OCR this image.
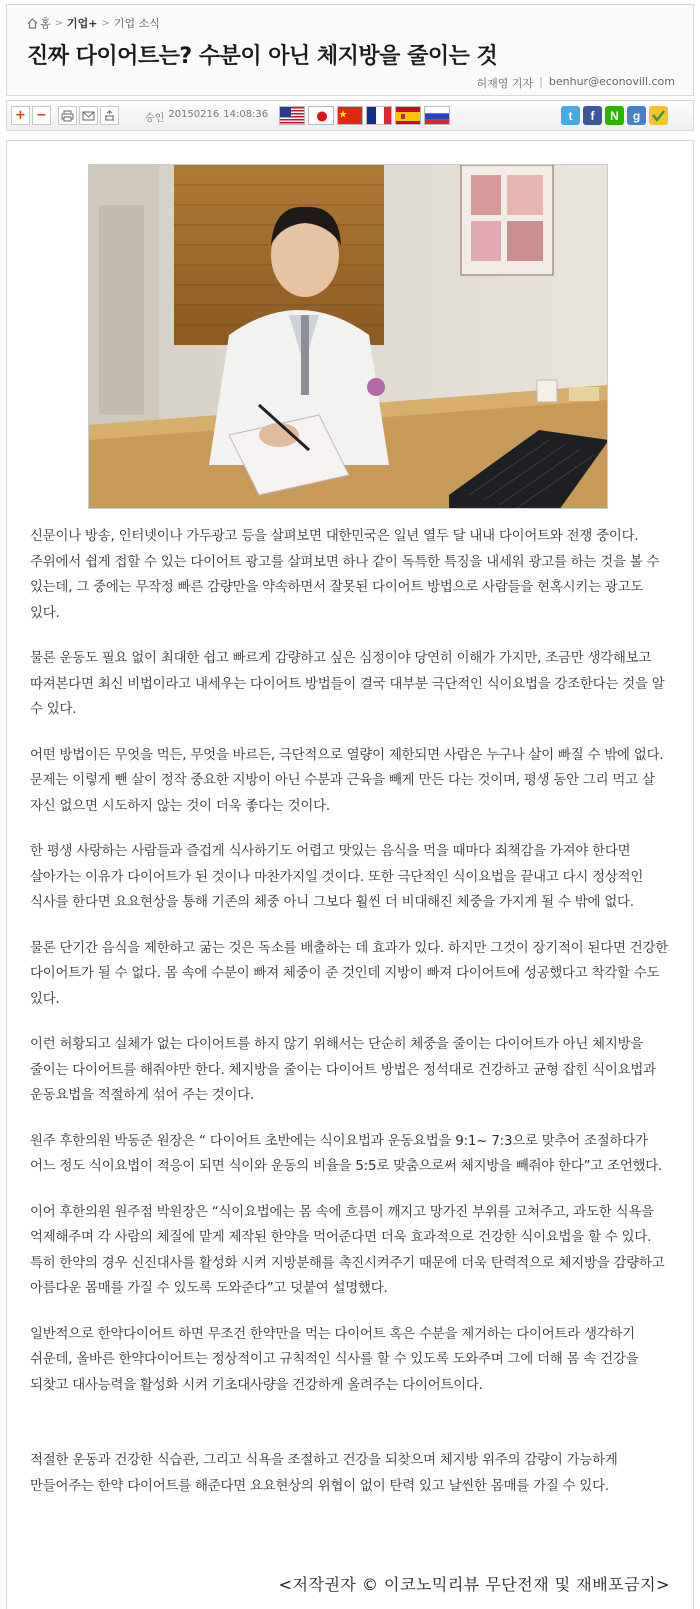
홈 > 기업+ > 기업 소식
진짜 다이어트는? 수분이 아닌 체지방을 줄이는 것
허재영 기자 | benhur@econovill.com
+ −	승인 20150216 14:08:36	t	f	N	g

신문이나 방송, 인터넷이나 가두광고 등을 살펴보면 대한민국은 일년 열두 달 내내 다이어트와 전쟁 중이다. 주위에서 쉽게 접할 수 있는 다이어트 광고를 살펴보면 하나 같이 독특한 특징을 내세워 광고를 하는 것을 볼 수 있는데, 그 중에는 무작정 빠른 감량만을 약속하면서 잘못된 다이어트 방법으로 사람들을 현혹시키는 광고도 있다.

물론 운동도 필요 없이 최대한 쉽고 빠르게 감량하고 싶은 심정이야 당연히 이해가 가지만, 조금만 생각해보고 따져본다면 최신 비법이라고 내세우는 다이어트 방법들이 결국 대부분 극단적인 식이요법을 강조한다는 것을 알 수 있다.

어떤 방법이든 무엇을 먹든, 무엇을 바르든, 극단적으로 열량이 제한되면 사람은 누구나 살이 빠질 수 밖에 없다. 문제는 이렇게 뺀 살이 정작 중요한 지방이 아닌 수분과 근육을 빼게 만든 다는 것이며, 평생 동안 그리 먹고 살 자신 없으면 시도하지 않는 것이 더욱 좋다는 것이다.

한 평생 사랑하는 사람들과 즐겁게 식사하기도 어렵고 맛있는 음식을 먹을 때마다 죄책감을 가져야 한다면 살아가는 이유가 다이어트가 된 것이나 마찬가지일 것이다. 또한 극단적인 식이요법을 끝내고 다시 정상적인 식사를 한다면 요요현상을 통해 기존의 체중 아니 그보다 훨씬 더 비대해진 체중을 가지게 될 수 밖에 없다.

물론 단기간 음식을 제한하고 굶는 것은 독소를 배출하는 데 효과가 있다. 하지만 그것이 장기적이 된다면 건강한 다이어트가 될 수 없다. 몸 속에 수분이 빠져 체중이 준 것인데 지방이 빠져 다이어트에 성공했다고 착각할 수도 있다.

이런 허황되고 실체가 없는 다이어트를 하지 않기 위해서는 단순히 체중을 줄이는 다이어트가 아닌 체지방을 줄이는 다이어트를 해줘야만 한다. 체지방을 줄이는 다이어트 방법은 정석대로 건강하고 균형 잡힌 식이요법과 운동요법을 적절하게 섞어 주는 것이다.

원주 후한의원 박동준 원장은 “ 다이어트 초반에는 식이요법과 운동요법을 9:1~ 7:3으로 맞추어 조절하다가 어느 정도 식이요법이 적응이 되면 식이와 운동의 비율을 5:5로 맞춤으로써 체지방을 빼줘야 한다”고 조언했다.

이어 후한의원 원주점 박원장은 “식이요법에는 몸 속에 흐름이 깨지고 망가진 부위를 고쳐주고, 과도한 식욕을 억제해주며 각 사람의 체질에 맡게 제작된 한약을 먹어준다면 더욱 효과적으로 건강한 식이요법을 할 수 있다. 특히 한약의 경우 신진대사를 활성화 시켜 지방분해를 촉진시켜주기 때문에 더욱 탄력적으로 체지방을 감량하고 아름다운 몸매를 가질 수 있도록 도와준다”고 덧붙여 설명했다.

일반적으로 한약다이어트 하면 무조건 한약만을 먹는 다이어트 혹은 수분을 제거하는 다이어트라 생각하기 쉬운데, 올바른 한약다이어트는 정상적이고 규칙적인 식사를 할 수 있도록 도와주며 그에 더해 몸 속 건강을 되찾고 대사능력을 활성화 시켜 기초대사량을 건강하게 올려주는 다이어트이다.

적절한 운동과 건강한 식습관, 그리고 식욕을 조절하고 건강을 되찾으며 체지방 위주의 감량이 가능하게 만들어주는 한약 다이어트를 해준다면 요요현상의 위협이 없이 탄력 있고 날씬한 몸매를 가질 수 있다.

<저작권자 © 이코노믹리뷰 무단전재 및 재배포금지>
